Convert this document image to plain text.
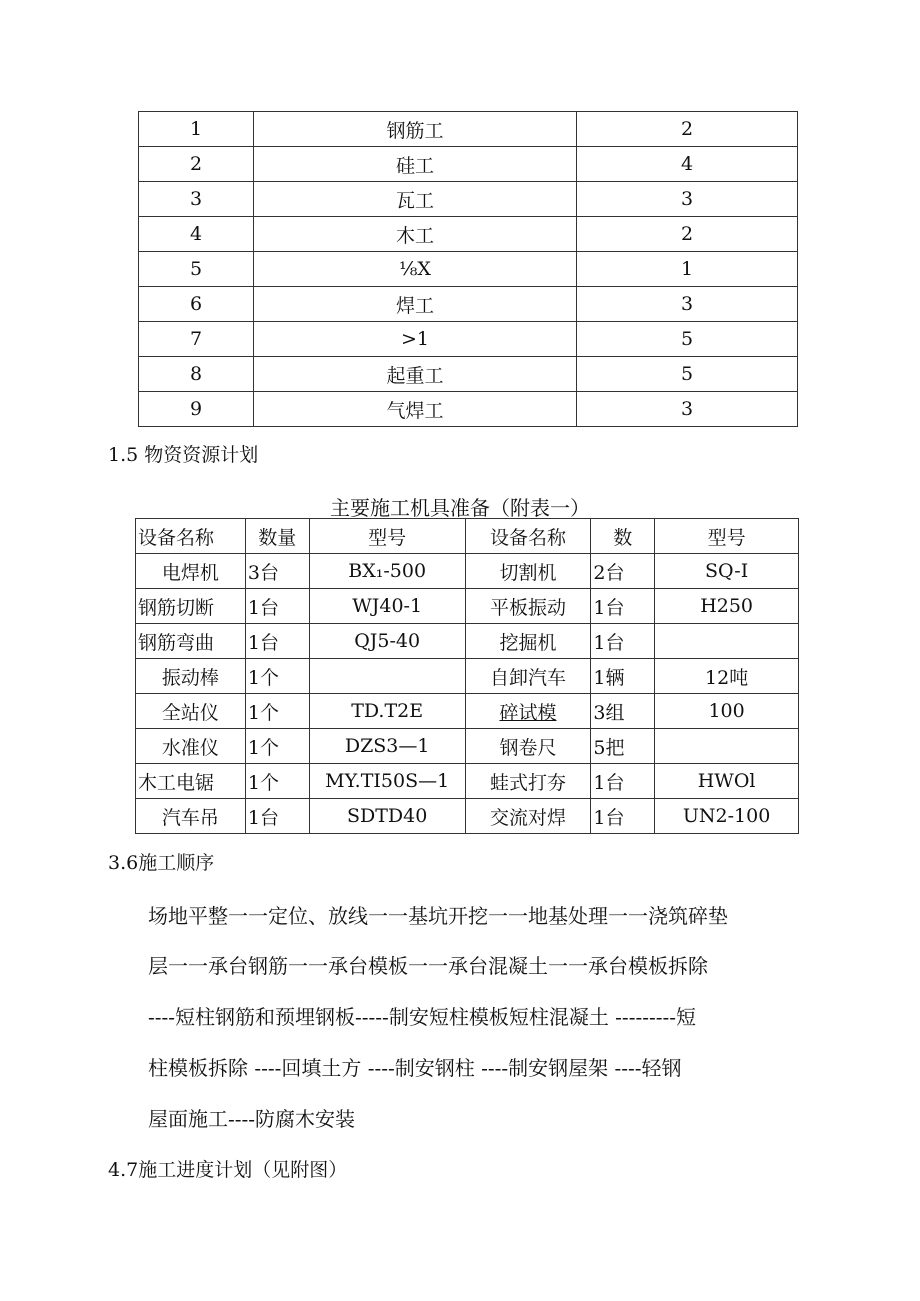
1	钢筋工	2
2	硅工	4
3	瓦工	3
4	木工	2
5	⅛X	1
6	焊工	3
7	>1	5
8	起重工	5
9	气焊工	3
1.5 物资资源计划
主要施工机具准备（附表一）
设备名称	数量	型号	设备名称	数	型号
电焊机	3台	BX₁-500	切割机	2台	SQ-I
钢筋切断	1台	WJ40-1	平板振动	1台	H250
钢筋弯曲	1台	QJ5-40	挖掘机	1台	
振动棒	1个		自卸汽车	1辆	12吨
全站仪	1个	TD.T2E	碎试模	3组	100
水准仪	1个	DZS3—1	钢卷尺	5把	
木工电锯	1个	MY.TI50S—1	蛙式打夯	1台	HWOl
汽车吊	1台	SDTD40	交流对焊	1台	UN2-100
3.6施工顺序
场地平整一一定位、放线一一基坑开挖一一地基处理一一浇筑碎垫
层一一承台钢筋一一承台模板一一承台混凝土一一承台模板拆除
----短柱钢筋和预埋钢板-----制安短柱模板短柱混凝土 ---------短
柱模板拆除 ----回填土方 ----制安钢柱 ----制安钢屋架 ----轻钢
屋面施工----防腐木安装
4.7施工进度计划（见附图）
